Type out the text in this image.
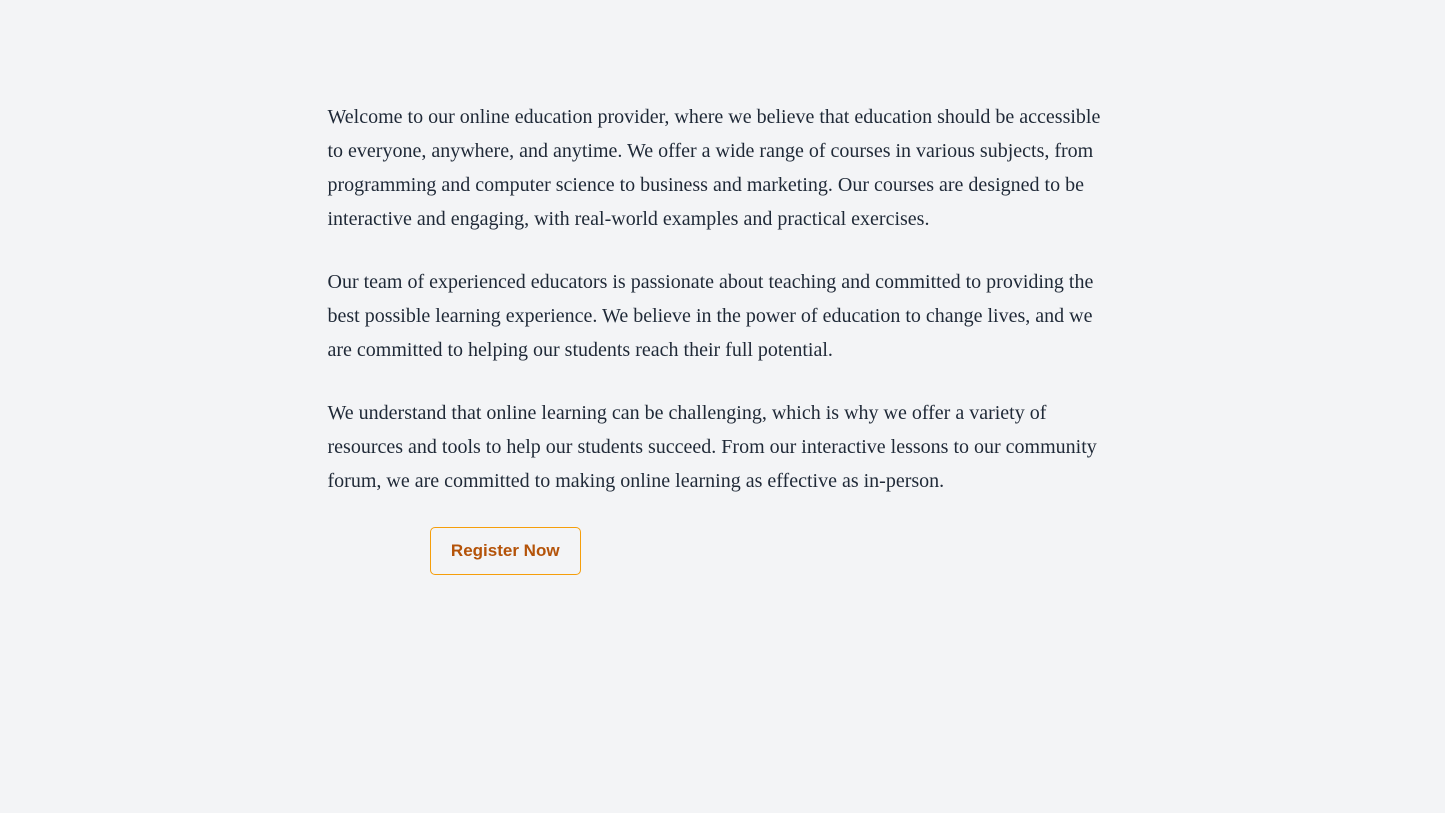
Welcome to our online education provider, where we believe that education should be accessible to everyone, anywhere, and anytime. We offer a wide range of courses in various subjects, from programming and computer science to business and marketing. Our courses are designed to be interactive and engaging, with real-world examples and practical exercises.

Our team of experienced educators is passionate about teaching and committed to providing the best possible learning experience. We believe in the power of education to change lives, and we are committed to helping our students reach their full potential.

We understand that online learning can be challenging, which is why we offer a variety of resources and tools to help our students succeed. From our interactive lessons to our community forum, we are committed to making online learning as effective as in-person.

Register Now
